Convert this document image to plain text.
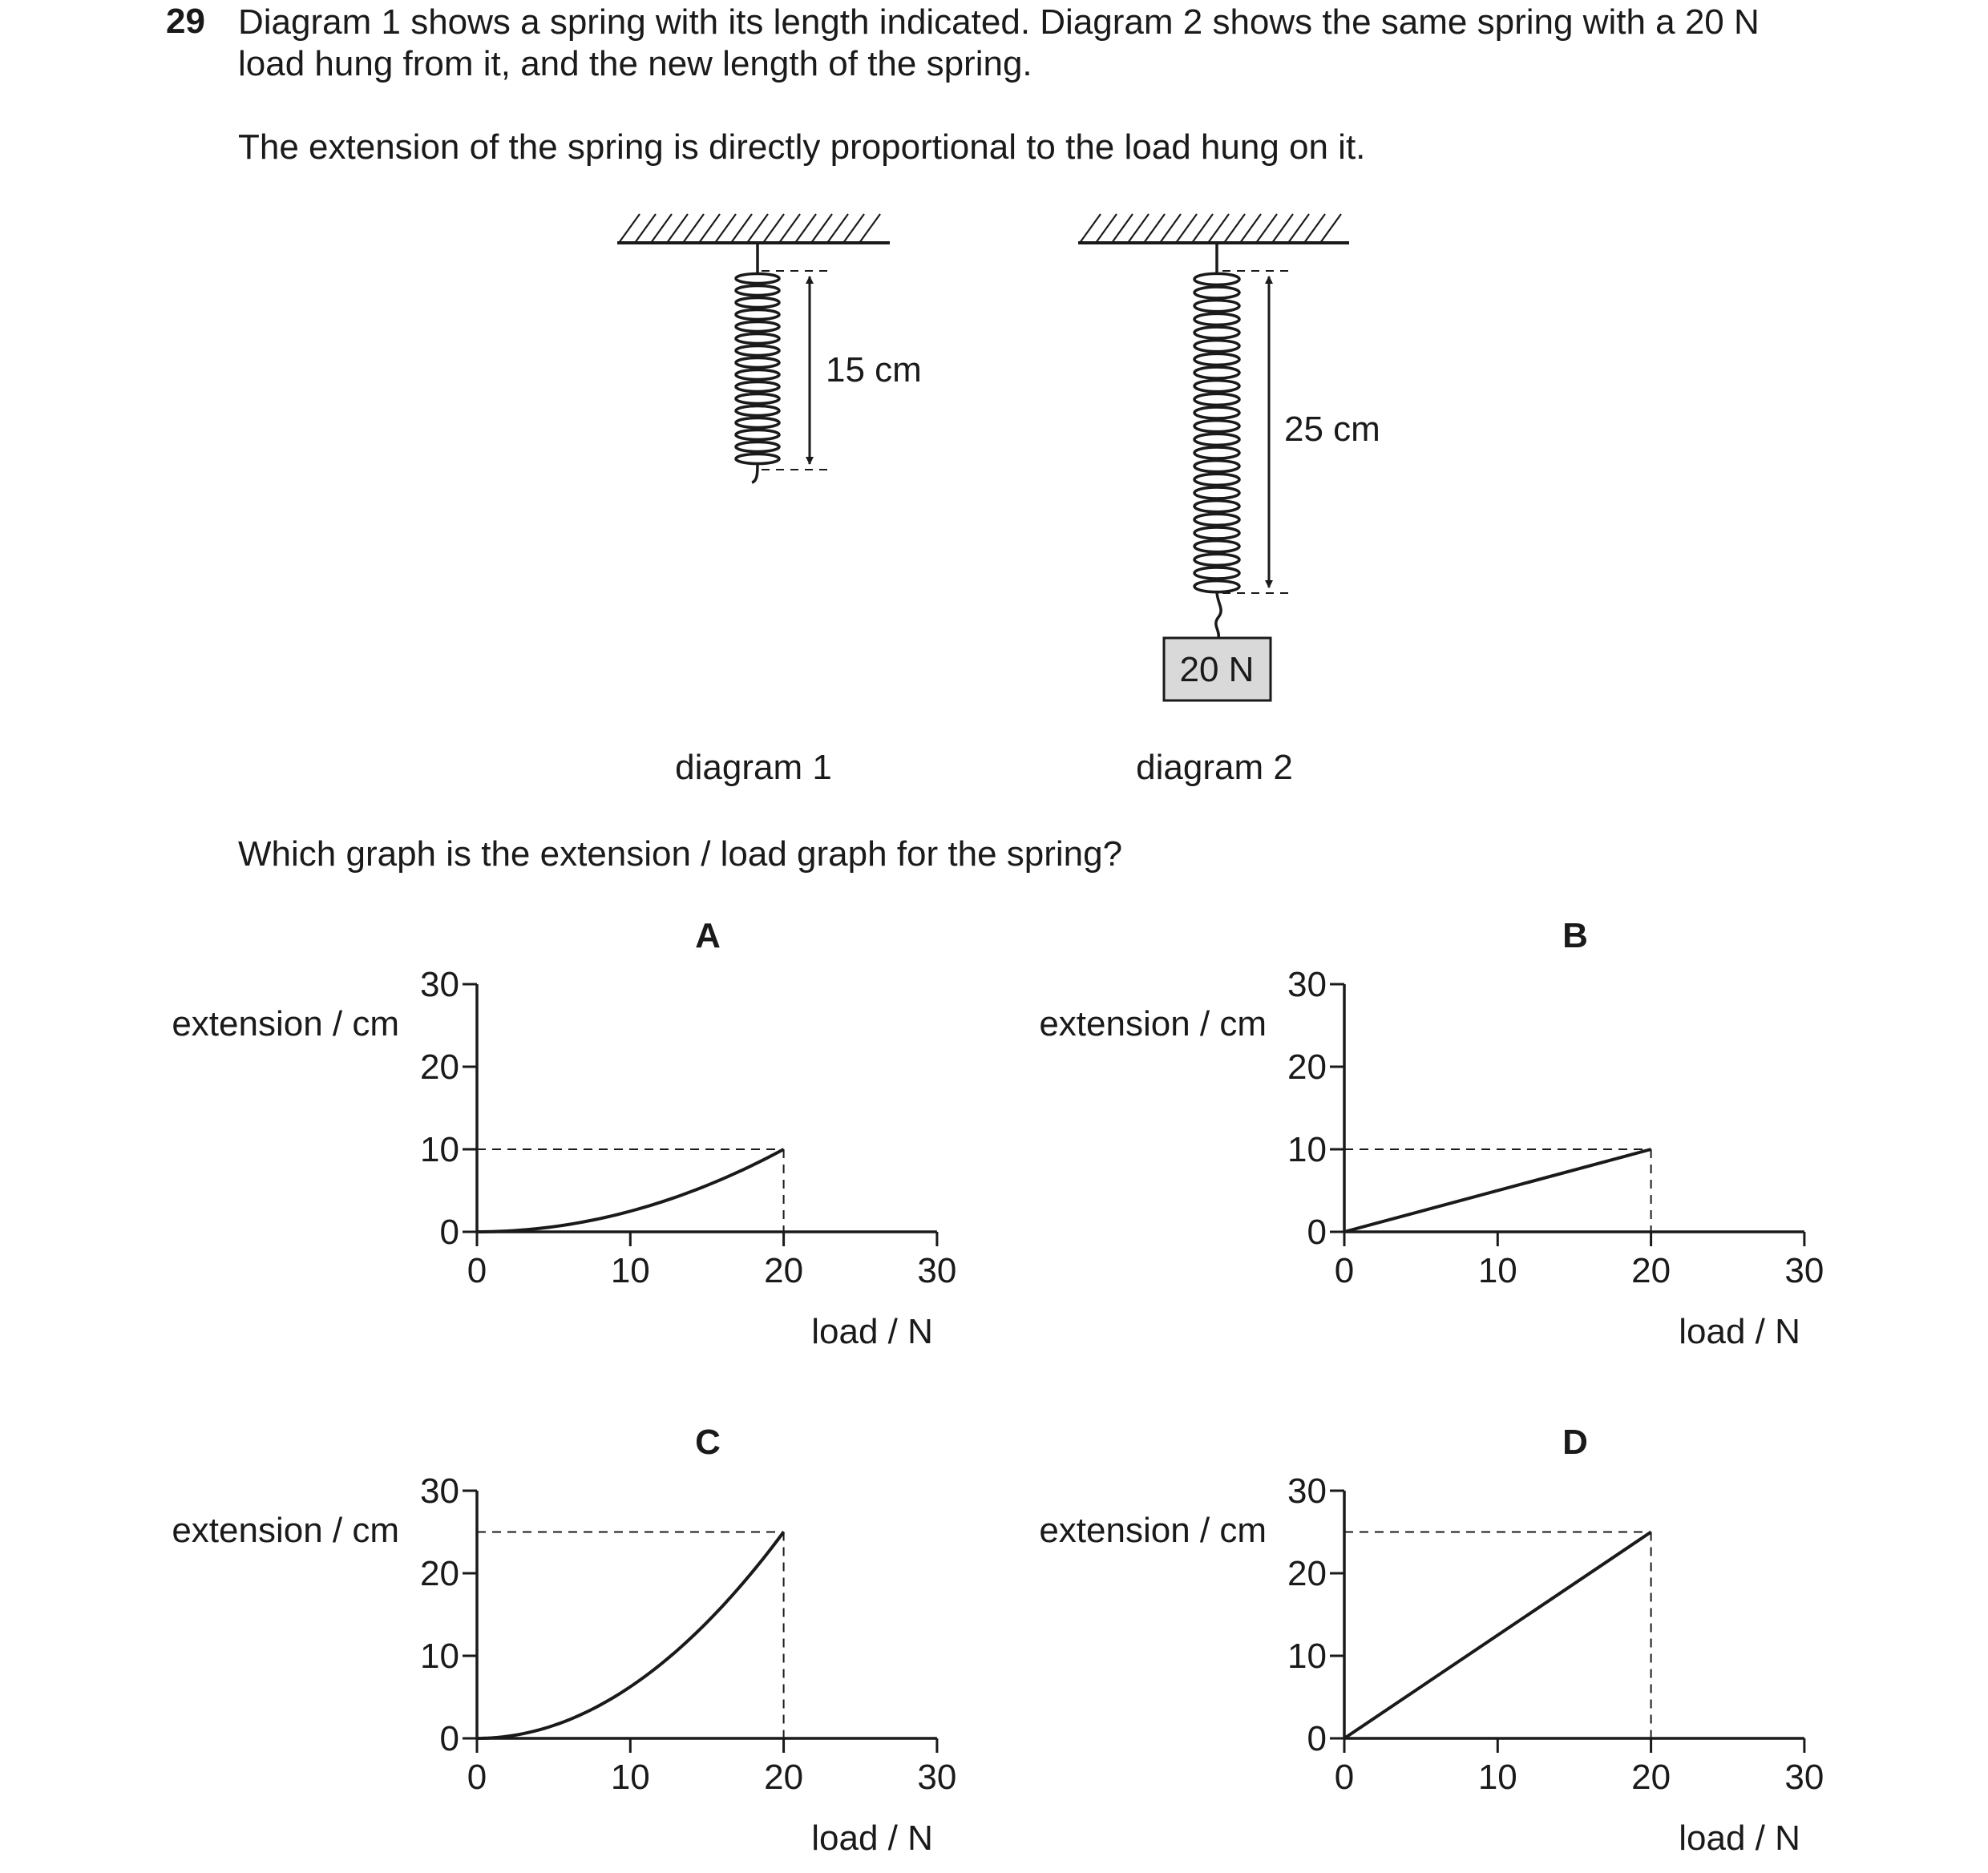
29 Diagram 1 shows a spring with its length indicated. Diagram 2 shows the same spring with a 20 N
load hung from it, and the new length of the spring.
The extension of the spring is directly proportional to the load hung on it.
Which graph is the extension / load graph for the spring?
15 cm
diagram 1
25 cm
20 N
diagram 2
A
0	10	20	30
0
10
20
30
extension / cm
load / N
B
0	10	20	30
0
10
20
30
extension / cm
load / N
C
0	10	20	30
0
10
20
30
extension / cm
load / N
D
0	10	20	30
0
10
20
30
extension / cm
load / N
